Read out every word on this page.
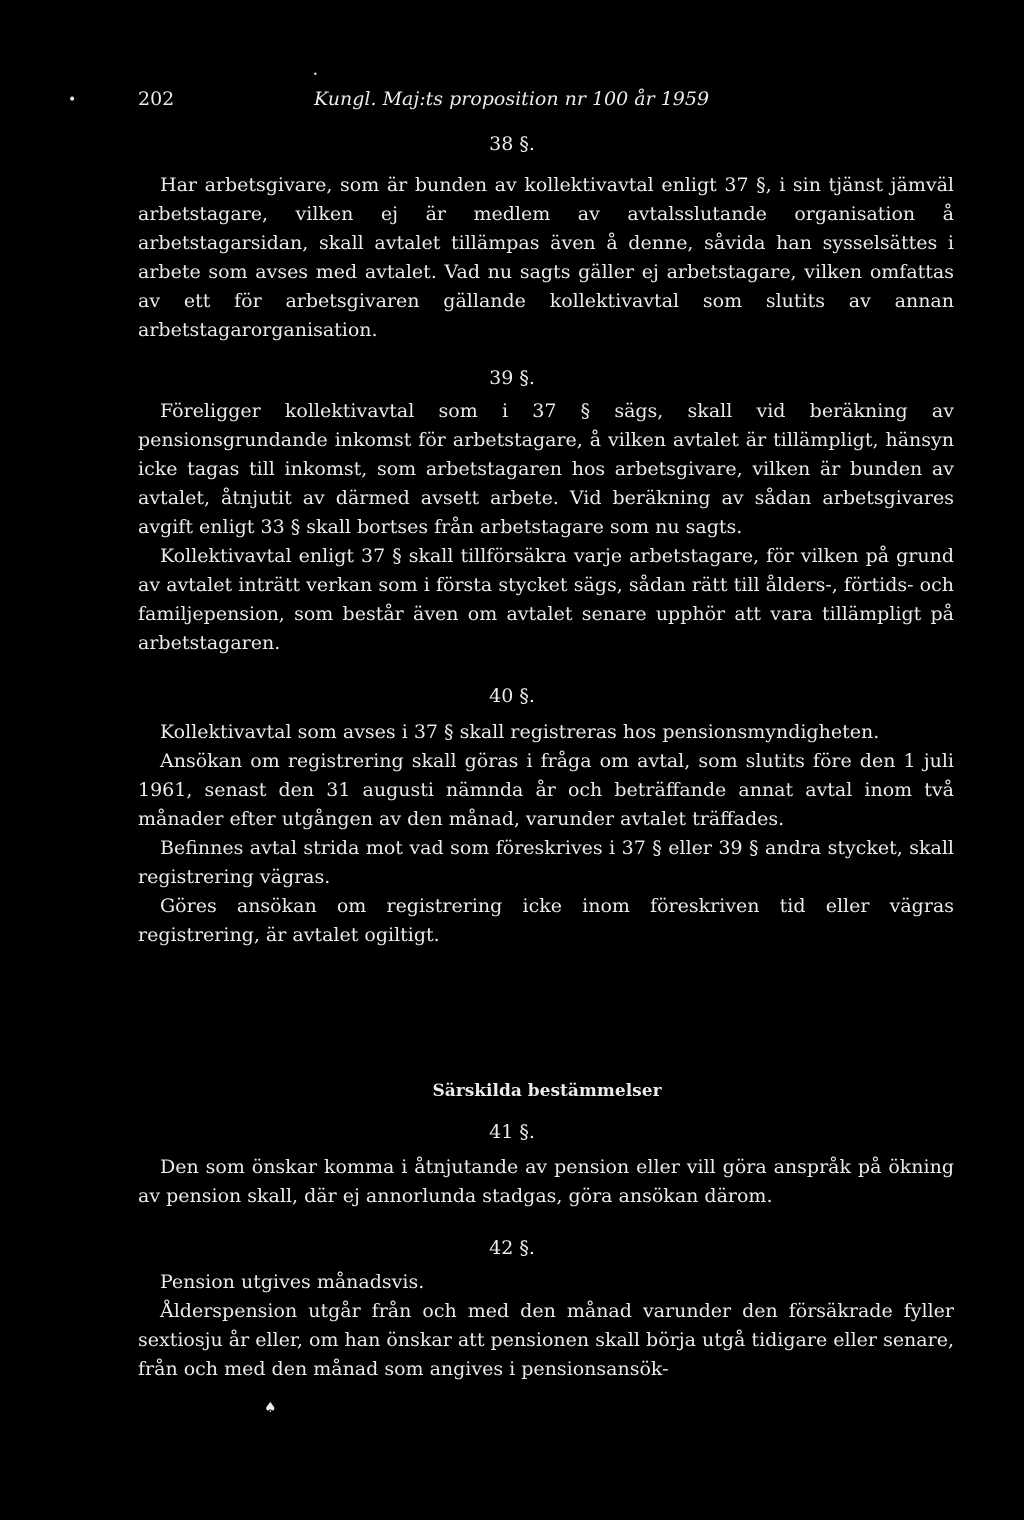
•
•
♠
202	Kungl. Maj:ts proposition nr 100 år 1959
38 §.

Har arbetsgivare, som är bunden av kollektivavtal enligt 37 §, i sin tjänst jämväl arbetstagare, vilken ej är medlem av avtalsslutande organisation å arbetstagarsidan, skall avtalet tillämpas även å denne, såvida han sysselsättes i arbete som avses med avtalet. Vad nu sagts gäller ej arbetstagare, vilken omfattas av ett för arbetsgivaren gällande kollektivavtal som slutits av annan arbetstagarorganisation.

39 §.

Föreligger kollektivavtal som i 37 § sägs, skall vid beräkning av pensionsgrundande inkomst för arbetstagare, å vilken avtalet är tillämpligt, hänsyn icke tagas till inkomst, som arbetstagaren hos arbetsgivare, vilken är bunden av avtalet, åtnjutit av därmed avsett arbete. Vid beräkning av sådan arbetsgivares avgift enligt 33 § skall bortses från arbetstagare som nu sagts.

Kollektivavtal enligt 37 § skall tillförsäkra varje arbetstagare, för vilken på grund av avtalet inträtt verkan som i första stycket sägs, sådan rätt till ålders-, förtids- och familjepension, som består även om avtalet senare upphör att vara tillämpligt på arbetstagaren.

40 §.

Kollektivavtal som avses i 37 § skall registreras hos pensionsmyndigheten.

Ansökan om registrering skall göras i fråga om avtal, som slutits före den 1 juli 1961, senast den 31 augusti nämnda år och beträffande annat avtal inom två månader efter utgången av den månad, varunder avtalet träffades.

Befinnes avtal strida mot vad som föreskrives i 37 § eller 39 § andra stycket, skall registrering vägras.

Göres ansökan om registrering icke inom föreskriven tid eller vägras registrering, är avtalet ogiltigt.

Särskilda bestämmelser
41 §.

Den som önskar komma i åtnjutande av pension eller vill göra anspråk på ökning av pension skall, där ej annorlunda stadgas, göra ansökan därom.

42 §.

Pension utgives månadsvis.

Ålderspension utgår från och med den månad varunder den försäkrade fyller sextiosju år eller, om han önskar att pensionen skall börja utgå tidigare eller senare, från och med den månad som angives i pensionsansök-
